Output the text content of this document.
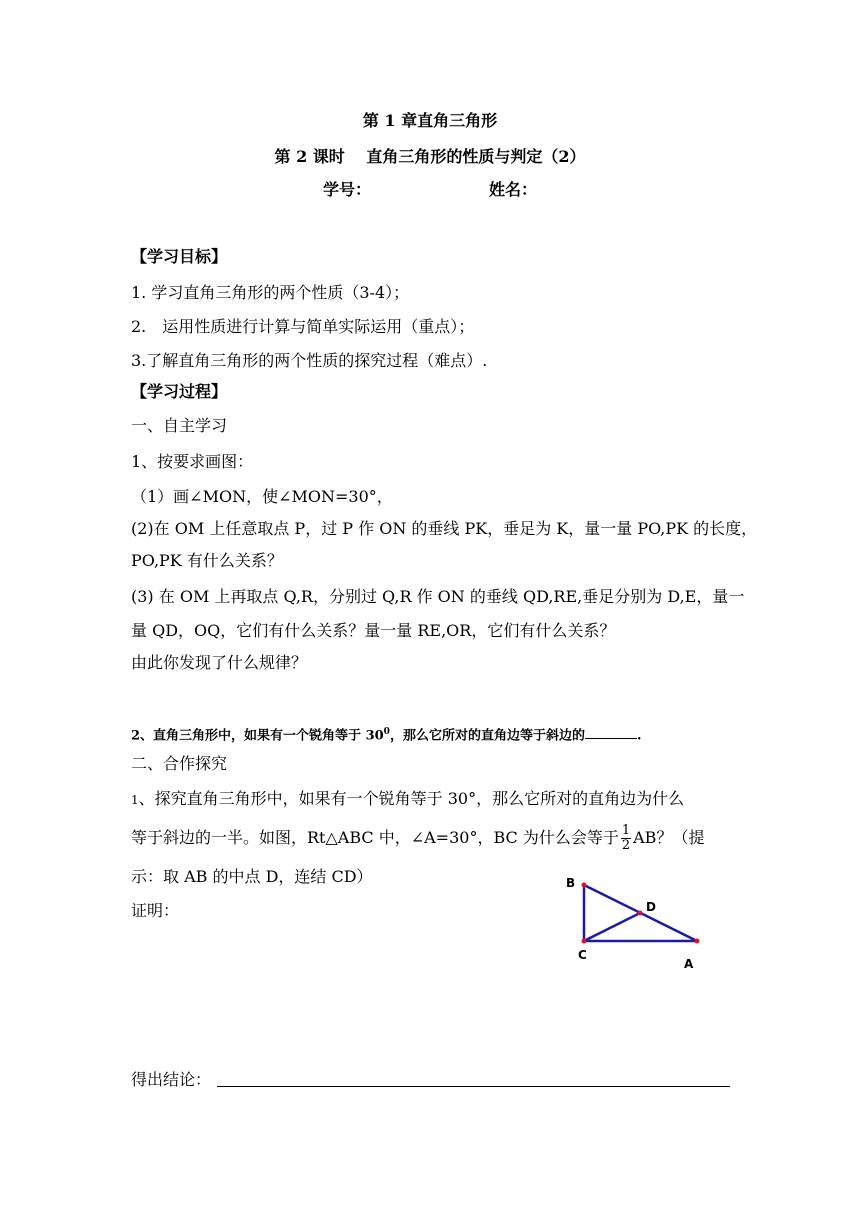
第 1 章直角三角形
第 2 课时　 直角三角形的性质与判定（2）
学号：	姓名：
【学习目标】
1. 学习直角三角形的两个性质（3-4）；
2.　运用性质进行计算与简单实际运用（重点）；
3.了解直角三角形的两个性质的探究过程（难点）.
【学习过程】
一、自主学习
1、按要求画图：
（1）画∠MON，使∠MON=30°，
(2)在 OM 上任意取点 P，过 P 作 ON 的垂线 PK，垂足为 K，量一量 PO,PK 的长度，
PO,PK 有什么关系？
(3) 在 OM 上再取点 Q,R，分别过 Q,R 作 ON 的垂线 QD,RE,垂足分别为 D,E，量一
量 QD，OQ，它们有什么关系？量一量 RE,OR，它们有什么关系？
由此你发现了什么规律？
2、直角三角形中，如果有一个锐角等于 $30^0$，那么它所对的直角边等于斜边的	.
二、合作探究
1、探究直角三角形中，如果有一个锐角等于 30°，那么它所对的直角边为什么
等于斜边的一半。如图，Rt△ABC 中，∠A=30°，BC 为什么会等于 $\frac{1}{2}$ AB？（提
示：取 AB 的中点 D，连结 CD）
证明：
B
C
A
D
得出结论：
